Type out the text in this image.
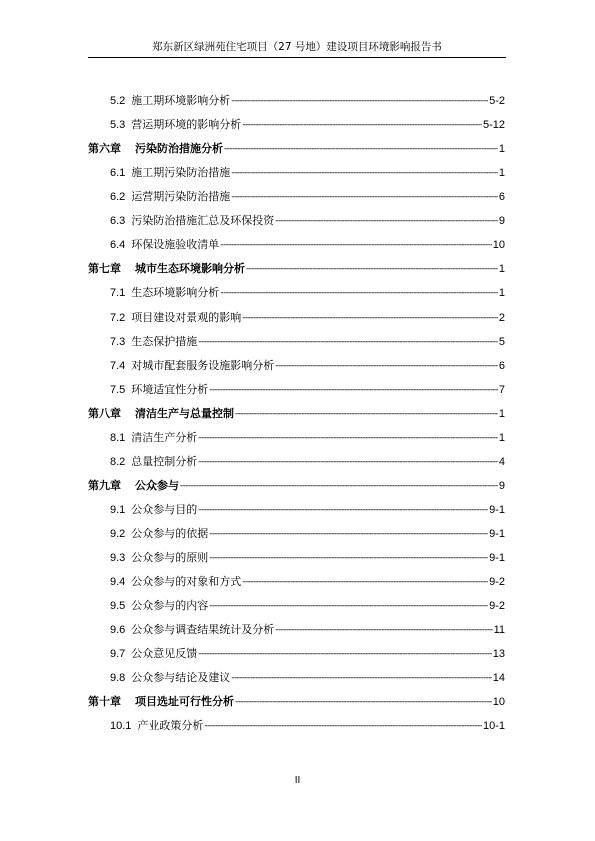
郑东新区绿洲苑住宅项目（27 号地）建设项目环境影响报告书
5.2 施工期环境影响分析 -----	5-2
5.3 营运期环境的影响分析 -----	5-12
第六章 污染防治措施分析 -----	1
6.1 施工期污染防治措施 -----	1
6.2 运营期污染防治措施 -----	6
6.3 污染防治措施汇总及环保投资 -----	9
6.4 环保设施验收清单 -----	10
第七章 城市生态环境影响分析 -----	1
7.1 生态环境影响分析 -----	1
7.2 项目建设对景观的影响 -----	2
7.3 生态保护措施 -----	5
7.4 对城市配套服务设施影响分析 -----	6
7.5 环境适宜性分析 -----	7
第八章 清洁生产与总量控制 -----	1
8.1 清洁生产分析 -----	1
8.2 总量控制分析 -----	4
第九章 公众参与 -----	9
9.1 公众参与目的 -----	9-1
9.2 公众参与的依据 -----	9-1
9.3 公众参与的原则 -----	9-1
9.4 公众参与的对象和方式 -----	9-2
9.5 公众参与的内容 -----	9-2
9.6 公众参与调查结果统计及分析 -----	11
9.7 公众意见反馈 -----	13
9.8 公众参与结论及建议 -----	14
第十章 项目选址可行性分析 -----	10
10.1 产业政策分析 -----	10-1
II
